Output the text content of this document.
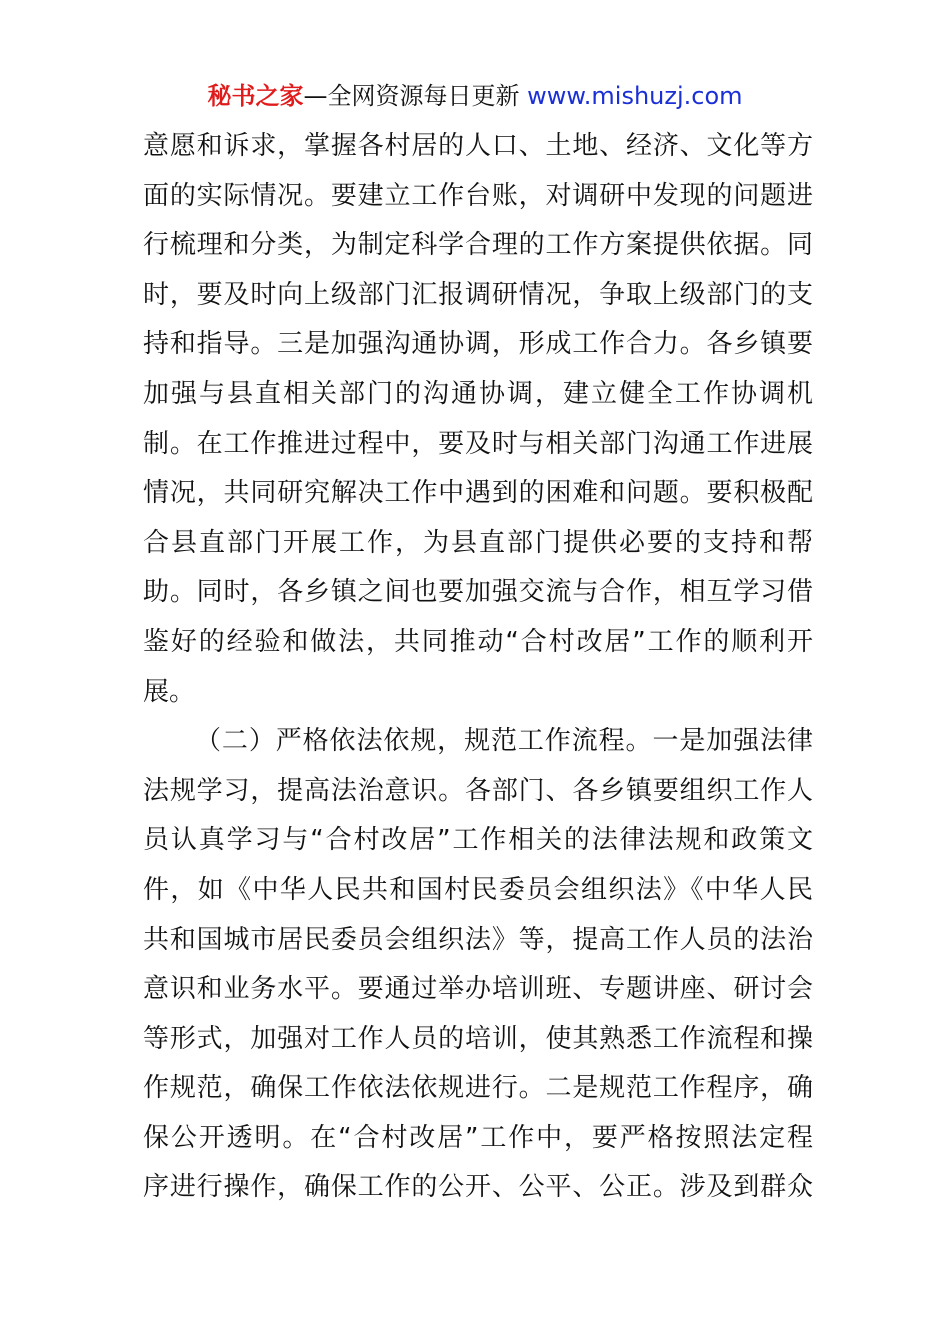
秘书之家—全网资源每日更新 www.mishuzj.com
意愿和诉求，掌握各村居的人口、土地、经济、文化等方
面的实际情况。要建立工作台账，对调研中发现的问题进
行梳理和分类，为制定科学合理的工作方案提供依据。同
时，要及时向上级部门汇报调研情况，争取上级部门的支
持和指导。三是加强沟通协调，形成工作合力。各乡镇要
加强与县直相关部门的沟通协调，建立健全工作协调机
制。在工作推进过程中，要及时与相关部门沟通工作进展
情况，共同研究解决工作中遇到的困难和问题。要积极配
合县直部门开展工作，为县直部门提供必要的支持和帮
助。同时，各乡镇之间也要加强交流与合作，相互学习借
鉴好的经验和做法，共同推动“合村改居”工作的顺利开
展。
（二）严格依法依规，规范工作流程。一是加强法律
法规学习，提高法治意识。各部门、各乡镇要组织工作人
员认真学习与“合村改居”工作相关的法律法规和政策文
件，如《中华人民共和国村民委员会组织法》《中华人民
共和国城市居民委员会组织法》等，提高工作人员的法治
意识和业务水平。要通过举办培训班、专题讲座、研讨会
等形式，加强对工作人员的培训，使其熟悉工作流程和操
作规范，确保工作依法依规进行。二是规范工作程序，确
保公开透明。在“合村改居”工作中，要严格按照法定程
序进行操作，确保工作的公开、公平、公正。涉及到群众
